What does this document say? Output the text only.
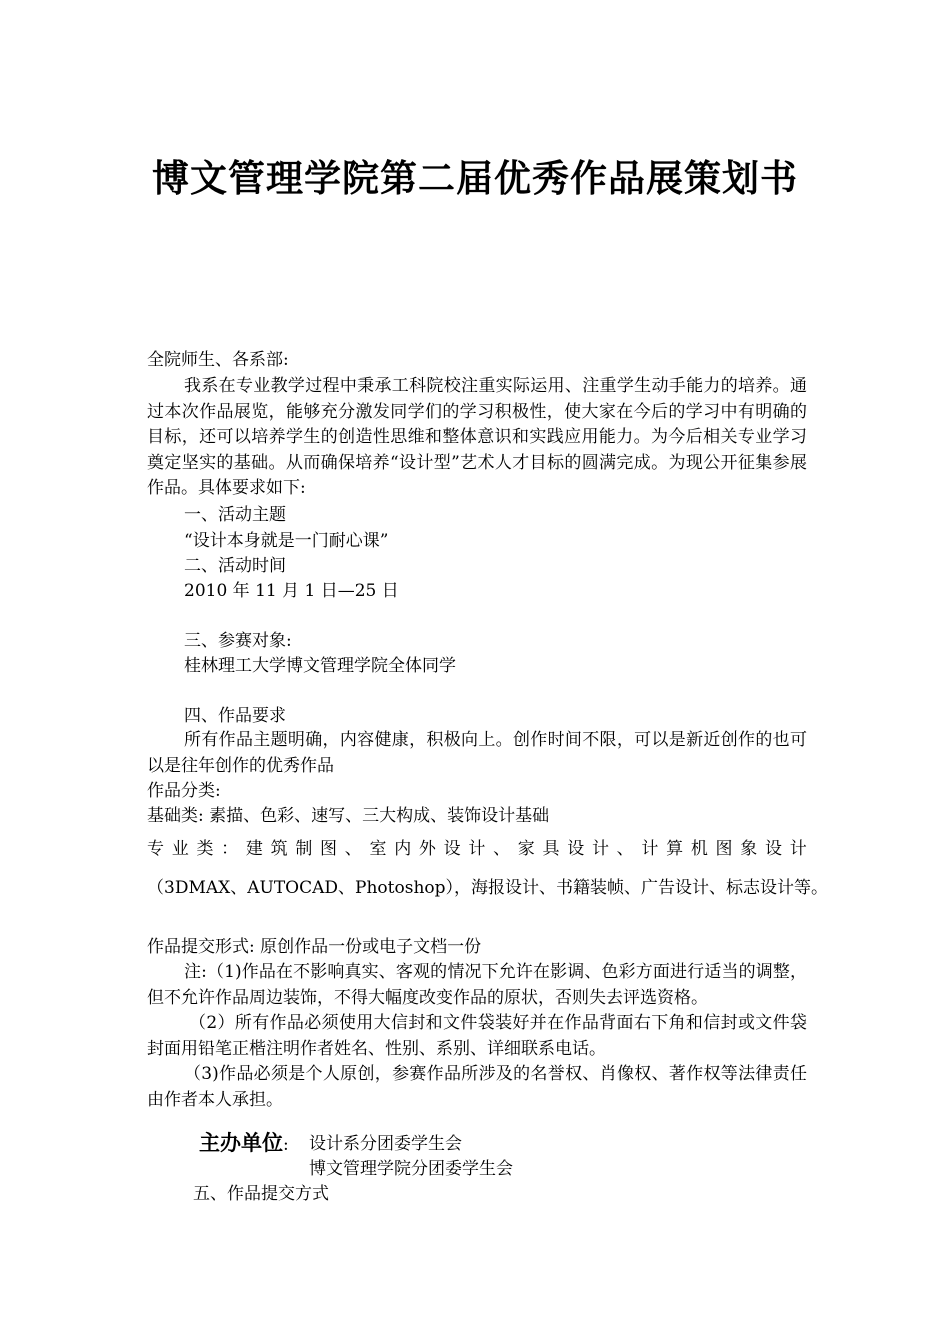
博文管理学院第二届优秀作品展策划书
全院师生、各系部:
我系在专业教学过程中秉承工科院校注重实际运用、注重学生动手能力的培养。通过本次作品展览，能够充分激发同学们的学习积极性，使大家在今后的学习中有明确的目标，还可以培养学生的创造性思维和整体意识和实践应用能力。为今后相关专业学习奠定坚实的基础。从而确保培养“设计型”艺术人才目标的圆满完成。为现公开征集参展作品。具体要求如下:
一、活动主题
“设计本身就是一门耐心课”
二、活动时间
2010 年 11 月 1 日—25 日
三、参赛对象:
桂林理工大学博文管理学院全体同学
四、作品要求
所有作品主题明确，内容健康，积极向上。创作时间不限，可以是新近创作的也可以是往年创作的优秀作品
作品分类:
基础类: 素描、色彩、速写、三大构成、装饰设计基础
专 业 类 ： 建 筑 制 图 、 室 内 外 设 计 、 家 具 设 计 、 计 算 机 图 象 设 计
（3DMAX、AUTOCAD、Photoshop），海报设计、书籍装帧、广告设计、标志设计等。
作品提交形式: 原创作品一份或电子文档一份
注:（1)作品在不影响真实、客观的情况下允许在影调、色彩方面进行适当的调整，但不允许作品周边装饰，不得大幅度改变作品的原状，否则失去评选资格。
（2）所有作品必须使用大信封和文件袋装好并在作品背面右下角和信封或文件袋封面用铅笔正楷注明作者姓名、性别、系别、详细联系电话。
（3)作品必须是个人原创，参赛作品所涉及的名誉权、肖像权、著作权等法律责任由作者本人承担。
主办单位: 设计系分团委学生会
博文管理学院分团委学生会
五、作品提交方式
